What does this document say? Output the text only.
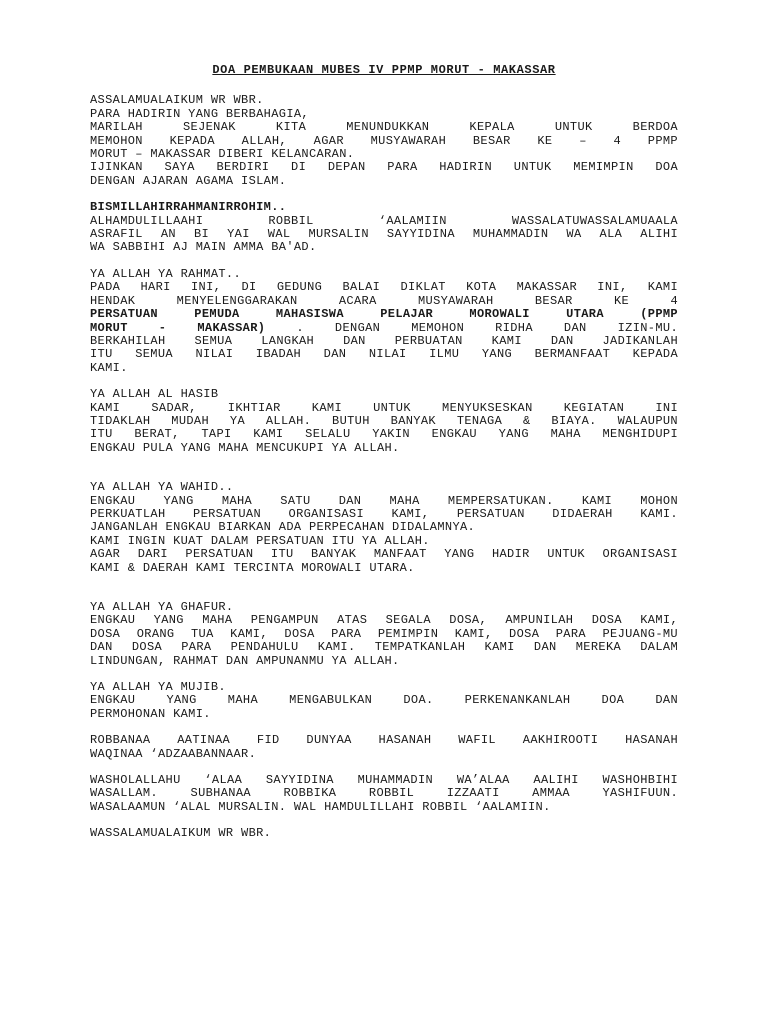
DOA PEMBUKAAN MUBES IV PPMP MORUT - MAKASSAR
ASSALAMUALAIKUM WR WBR.
PARA HADIRIN YANG BERBAHAGIA,
MARILAH SEJENAK KITA MENUNDUKKAN KEPALA UNTUK BERDOA
MEMOHON KEPADA ALLAH, AGAR MUSYAWARAH BESAR KE – 4 PPMP
MORUT – MAKASSAR DIBERI KELANCARAN.
IJINKAN SAYA BERDIRI DI DEPAN PARA HADIRIN UNTUK MEMIMPIN DOA
DENGAN AJARAN AGAMA ISLAM.
BISMILLAHIRRAHMANIRROHIM..
ALHAMDULILLAAHI ROBBIL ‘AALAMIIN WASSALATUWASSALAMUAALA
ASRAFIL AN BI YAI WAL MURSALIN SAYYIDINA MUHAMMADIN WA ALA ALIHI
WA SABBIHI AJ MAIN AMMA BA'AD.
YA ALLAH YA RAHMAT..
PADA HARI INI, DI GEDUNG BALAI DIKLAT KOTA MAKASSAR INI, KAMI
HENDAK MENYELENGGARAKAN ACARA MUSYAWARAH BESAR KE 4
PERSATUAN PEMUDA MAHASISWA PELAJAR MOROWALI UTARA (PPMP
MORUT - MAKASSAR) . DENGAN MEMOHON RIDHA DAN IZIN-MU.
BERKAHILAH SEMUA LANGKAH DAN PERBUATAN KAMI DAN JADIKANLAH
ITU SEMUA NILAI IBADAH DAN NILAI ILMU YANG BERMANFAAT KEPADA
KAMI.
YA ALLAH AL HASIB
KAMI SADAR, IKHTIAR KAMI UNTUK MENYUKSESKAN KEGIATAN INI
TIDAKLAH MUDAH YA ALLAH. BUTUH BANYAK TENAGA & BIAYA. WALAUPUN
ITU BERAT, TAPI KAMI SELALU YAKIN ENGKAU YANG MAHA MENGHIDUPI
ENGKAU PULA YANG MAHA MENCUKUPI YA ALLAH.
YA ALLAH YA WAHID..
ENGKAU YANG MAHA SATU DAN MAHA MEMPERSATUKAN. KAMI MOHON
PERKUATLAH PERSATUAN ORGANISASI KAMI, PERSATUAN DIDAERAH KAMI.
JANGANLAH ENGKAU BIARKAN ADA PERPECAHAN DIDALAMNYA.
KAMI INGIN KUAT DALAM PERSATUAN ITU YA ALLAH.
AGAR DARI PERSATUAN ITU BANYAK MANFAAT YANG HADIR UNTUK ORGANISASI
KAMI & DAERAH KAMI TERCINTA MOROWALI UTARA.
YA ALLAH YA GHAFUR.
ENGKAU YANG MAHA PENGAMPUN ATAS SEGALA DOSA, AMPUNILAH DOSA KAMI,
DOSA ORANG TUA KAMI, DOSA PARA PEMIMPIN KAMI, DOSA PARA PEJUANG-MU
DAN DOSA PARA PENDAHULU KAMI. TEMPATKANLAH KAMI DAN MEREKA DALAM
LINDUNGAN, RAHMAT DAN AMPUNANMU YA ALLAH.
YA ALLAH YA MUJIB.
ENGKAU YANG MAHA MENGABULKAN DOA. PERKENANKANLAH DOA DAN
PERMOHONAN KAMI.
ROBBANAA AATINAA FID DUNYAA HASANAH WAFIL AAKHIROOTI HASANAH
WAQINAA ‘ADZAABANNAAR.
WASHOLALLAHU ‘ALAA SAYYIDINA MUHAMMADIN WA’ALAA AALIHI WASHOHBIHI
WASALLAM. SUBHANAA ROBBIKA ROBBIL IZZAATI AMMAA YASHIFUUN.
WASALAAMUN ‘ALAL MURSALIN. WAL HAMDULILLAHI ROBBIL ‘AALAMIIN.
WASSALAMUALAIKUM WR WBR.
